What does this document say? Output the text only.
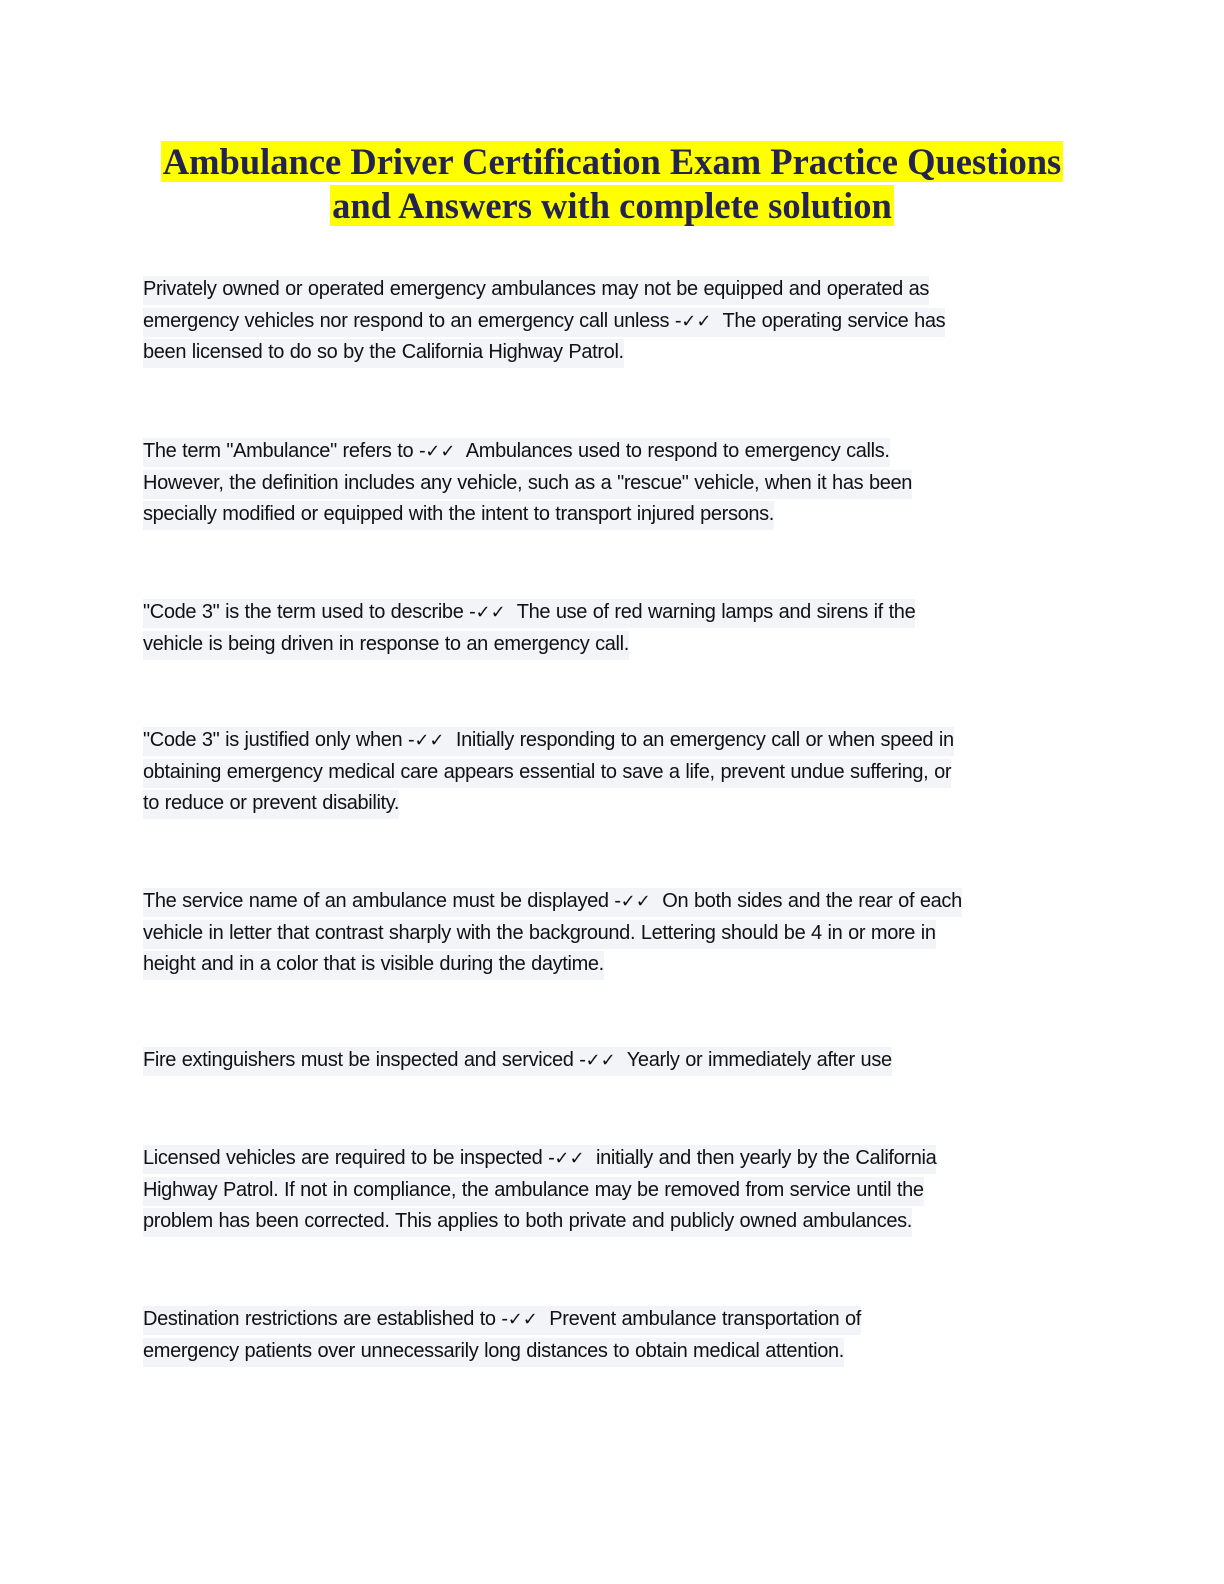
Ambulance Driver Certification Exam Practice Questions
and Answers with complete solution
Privately owned or operated emergency ambulances may not be equipped and operated as
emergency vehicles nor respond to an emergency call unless -✓✓  The operating service has
been licensed to do so by the California Highway Patrol.
The term "Ambulance" refers to -✓✓  Ambulances used to respond to emergency calls.
However, the definition includes any vehicle, such as a "rescue" vehicle, when it has been
specially modified or equipped with the intent to transport injured persons.
"Code 3" is the term used to describe -✓✓  The use of red warning lamps and sirens if the
vehicle is being driven in response to an emergency call.
"Code 3" is justified only when -✓✓  Initially responding to an emergency call or when speed in
obtaining emergency medical care appears essential to save a life, prevent undue suffering, or
to reduce or prevent disability.
The service name of an ambulance must be displayed -✓✓  On both sides and the rear of each
vehicle in letter that contrast sharply with the background. Lettering should be 4 in or more in
height and in a color that is visible during the daytime.
Fire extinguishers must be inspected and serviced -✓✓  Yearly or immediately after use
Licensed vehicles are required to be inspected -✓✓  initially and then yearly by the California
Highway Patrol. If not in compliance, the ambulance may be removed from service until the
problem has been corrected. This applies to both private and publicly owned ambulances.
Destination restrictions are established to -✓✓  Prevent ambulance transportation of
emergency patients over unnecessarily long distances to obtain medical attention.
